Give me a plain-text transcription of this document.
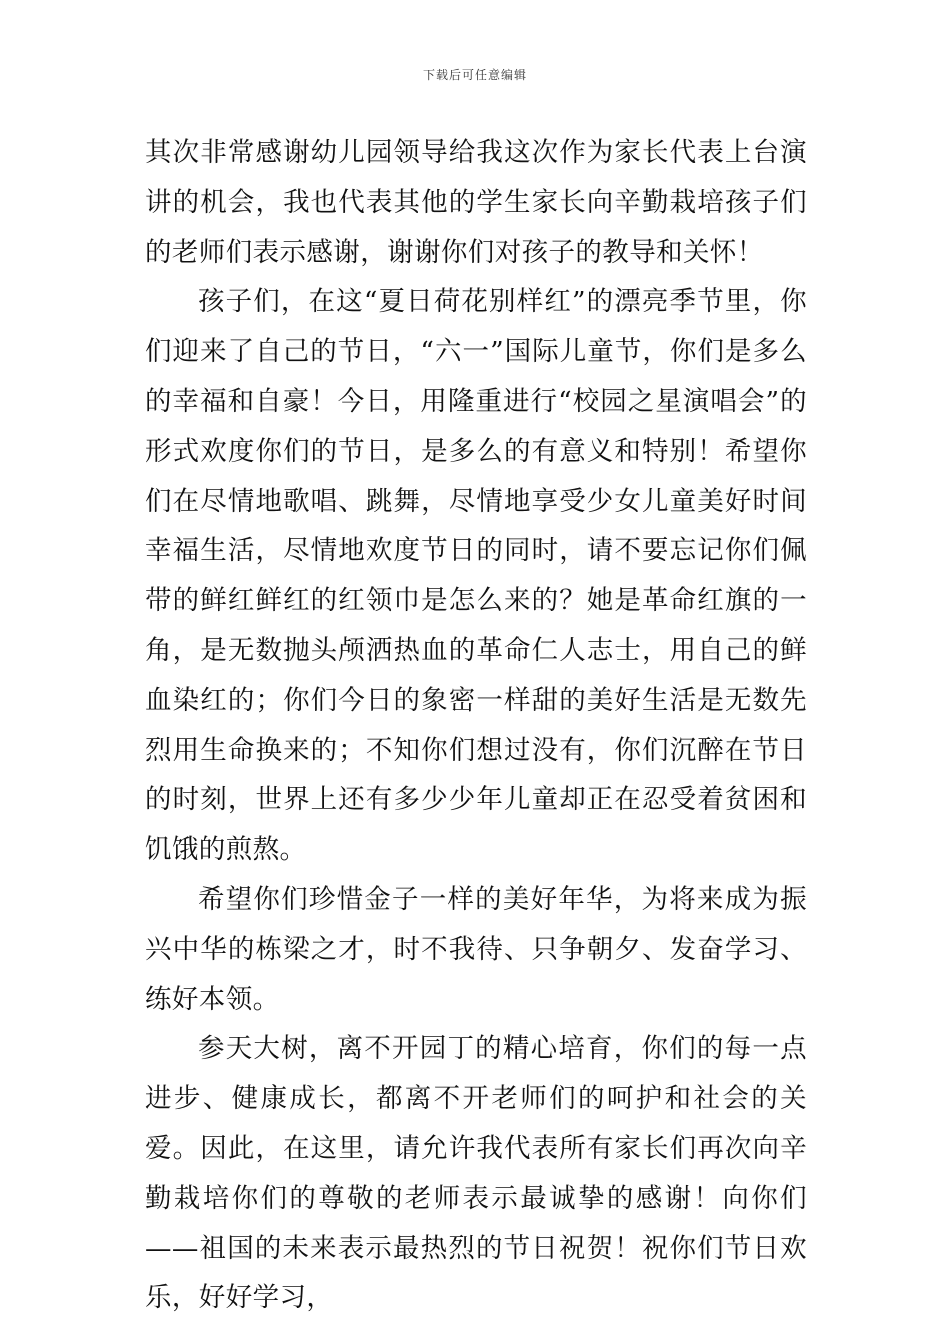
下载后可任意编辑

其次非常感谢幼儿园领导给我这次作为家长代表上台演讲的机会，我也代表其他的学生家长向辛勤栽培孩子们的老师们表示感谢，谢谢你们对孩子的教导和关怀！

孩子们，在这“夏日荷花别样红”的漂亮季节里，你们迎来了自己的节日，“六一”国际儿童节，你们是多么的幸福和自豪！今日，用隆重进行“校园之星演唱会”的形式欢度你们的节日，是多么的有意义和特别！希望你们在尽情地歌唱、跳舞，尽情地享受少女儿童美好时间幸福生活，尽情地欢度节日的同时，请不要忘记你们佩带的鲜红鲜红的红领巾是怎么来的？她是革命红旗的一角，是无数抛头颅洒热血的革命仁人志士，用自己的鲜血染红的；你们今日的象密一样甜的美好生活是无数先烈用生命换来的；不知你们想过没有，你们沉醉在节日的时刻，世界上还有多少少年儿童却正在忍受着贫困和饥饿的煎熬。

希望你们珍惜金子一样的美好年华，为将来成为振兴中华的栋梁之才，时不我待、只争朝夕、发奋学习、练好本领。

参天大树，离不开园丁的精心培育，你们的每一点进步、健康成长，都离不开老师们的呵护和社会的关爱。因此，在这里，请允许我代表所有家长们再次向辛勤栽培你们的尊敬的老师表示最诚挚的感谢！向你们——祖国的未来表示最热烈的节日祝贺！祝你们节日欢乐，好好学习，
